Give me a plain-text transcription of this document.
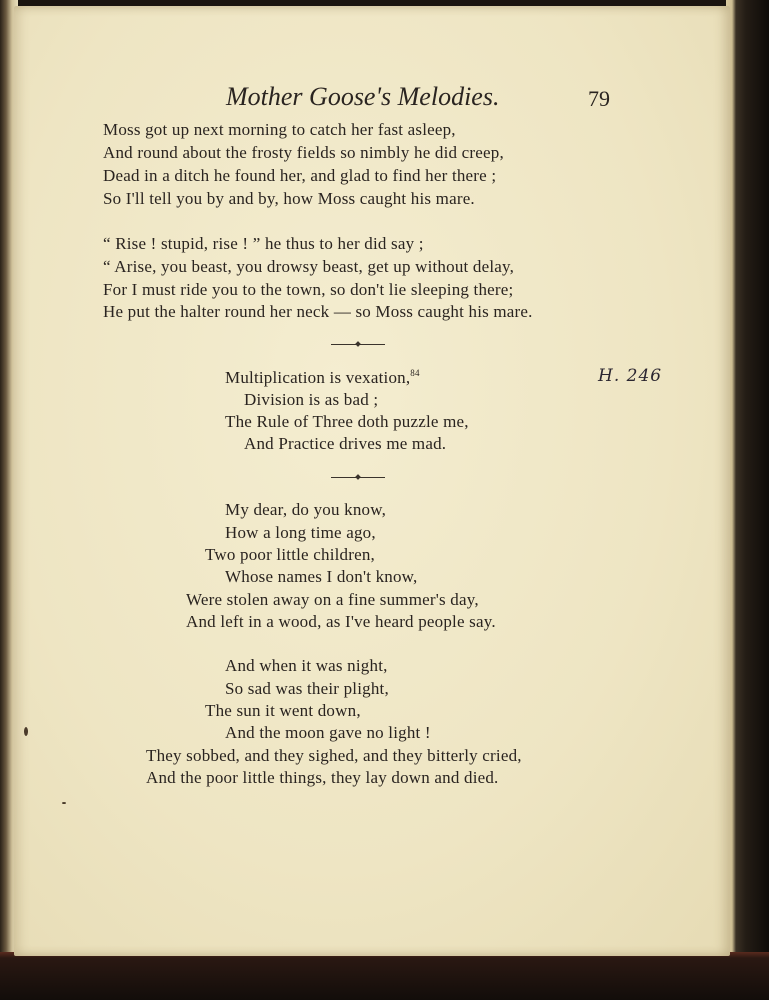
Mother Goose's Melodies.	79
Moss got up next morning to catch her fast asleep,
And round about the frosty fields so nimbly he did creep,
Dead in a ditch he found her, and glad to find her there ;
So I'll tell you by and by, how Moss caught his mare.
“ Rise ! stupid, rise ! ” he thus to her did say ;
“ Arise, you beast, you drowsy beast, get up without delay,
For I must ride you to the town, so don't lie sleeping there;
He put the halter round her neck — so Moss caught his mare.
Multiplication is vexation,$^{84}$	H. 246
Division is as bad ;
The Rule of Three doth puzzle me,
And Practice drives me mad.
My dear, do you know,
How a long time ago,
Two poor little children,
Whose names I don't know,
Were stolen away on a fine summer's day,
And left in a wood, as I've heard people say.
And when it was night,
So sad was their plight,
The sun it went down,
And the moon gave no light !
They sobbed, and they sighed, and they bitterly cried,
And the poor little things, they lay down and died.
